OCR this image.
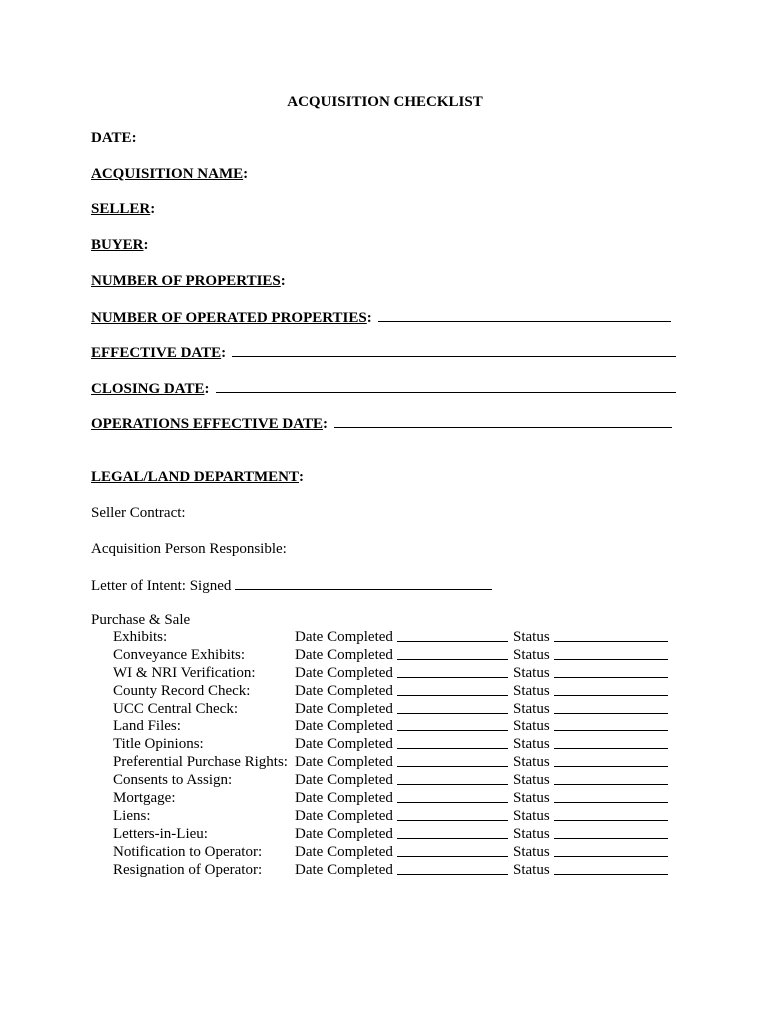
ACQUISITION CHECKLIST
DATE :
ACQUISITION NAME :
SELLER :
BUYER :
NUMBER OF PROPERTIES :
NUMBER OF OPERATED PROPERTIES :
EFFECTIVE DATE :
CLOSING DATE :
OPERATIONS EFFECTIVE DATE :
LEGAL/LAND DEPARTMENT :
Seller Contract:
Acquisition Person Responsible:
Letter of Intent: Signed
Purchase & Sale
Exhibits:	Date Completed	Status
Conveyance Exhibits:	Date Completed	Status
WI & NRI Verification:	Date Completed	Status
County Record Check:	Date Completed	Status
UCC Central Check:	Date Completed	Status
Land Files:	Date Completed	Status
Title Opinions:	Date Completed	Status
Preferential Purchase Rights: Date Completed	Status
Consents to Assign:	Date Completed	Status
Mortgage:	Date Completed	Status
Liens:	Date Completed	Status
Letters-in-Lieu:	Date Completed	Status
Notification to Operator: Date Completed	Status
Resignation of Operator: Date Completed	Status
